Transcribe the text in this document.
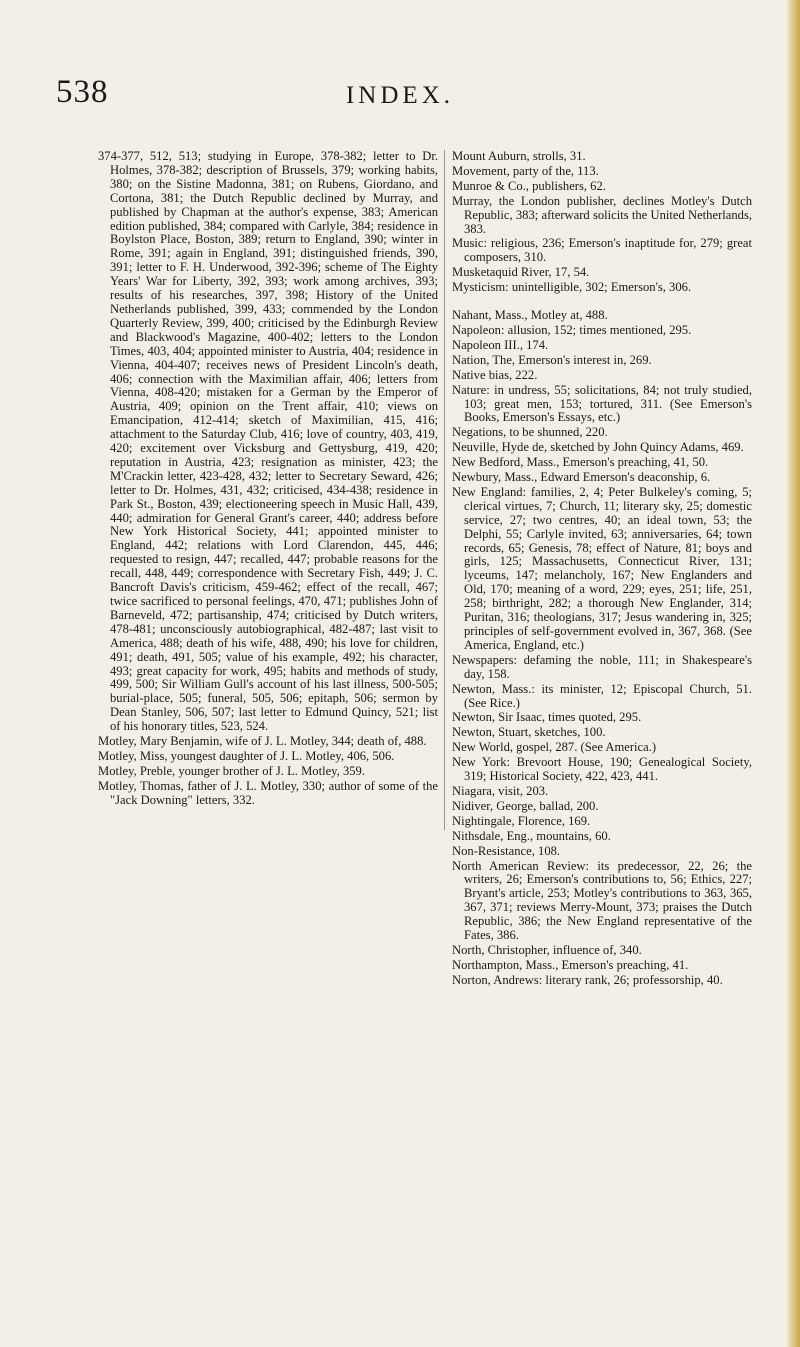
538	INDEX.

374-377, 512, 513; studying in Europe, 378-382; letter to Dr. Holmes, 378-382; description of Brussels, 379; working habits, 380; on the Sistine Madonna, 381; on Rubens, Giordano, and Cortona, 381; the Dutch Republic declined by Murray, and published by Chapman at the author's expense, 383; American edition published, 384; compared with Carlyle, 384; residence in Boylston Place, Boston, 389; return to England, 390; winter in Rome, 391; again in England, 391; distinguished friends, 390, 391; letter to F. H. Underwood, 392-396; scheme of The Eighty Years' War for Liberty, 392, 393; work among archives, 393; results of his researches, 397, 398; History of the United Netherlands published, 399, 433; commended by the London Quarterly Review, 399, 400; criticised by the Edinburgh Review and Blackwood's Magazine, 400-402; letters to the London Times, 403, 404; appointed minister to Austria, 404; residence in Vienna, 404-407; receives news of President Lincoln's death, 406; connection with the Maximilian affair, 406; letters from Vienna, 408-420; mistaken for a German by the Emperor of Austria, 409; opinion on the Trent affair, 410; views on Emancipation, 412-414; sketch of Maximilian, 415, 416; attachment to the Saturday Club, 416; love of country, 403, 419, 420; excitement over Vicksburg and Gettysburg, 419, 420; reputation in Austria, 423; resignation as minister, 423; the M'Crackin letter, 423-428, 432; letter to Secretary Seward, 426; letter to Dr. Holmes, 431, 432; criticised, 434-438; residence in Park St., Boston, 439; electioneering speech in Music Hall, 439, 440; admiration for General Grant's career, 440; address before New York Historical Society, 441; appointed minister to England, 442; relations with Lord Clarendon, 445, 446; requested to resign, 447; recalled, 447; probable reasons for the recall, 448, 449; correspondence with Secretary Fish, 449; J. C. Bancroft Davis's criticism, 459-462; effect of the recall, 467; twice sacrificed to personal feelings, 470, 471; publishes John of Barneveld, 472; partisanship, 474; criticised by Dutch writers, 478-481; unconsciously autobiographical, 482-487; last visit to America, 488; death of his wife, 488, 490; his love for children, 491; death, 491, 505; value of his example, 492; his character, 493; great capacity for work, 495; habits and methods of study, 499, 500; Sir William Gull's account of his last illness, 500-505; burial-place, 505; funeral, 505, 506; epitaph, 506; sermon by Dean Stanley, 506, 507; last letter to Edmund Quincy, 521; list of his honorary titles, 523, 524.

Motley, Mary Benjamin, wife of J. L. Motley, 344; death of, 488.

Motley, Miss, youngest daughter of J. L. Motley, 406, 506.

Motley, Preble, younger brother of J. L. Motley, 359.

Motley, Thomas, father of J. L. Motley, 330; author of some of the "Jack Downing" letters, 332.

Mount Auburn, strolls, 31.

Movement, party of the, 113.

Munroe & Co., publishers, 62.

Murray, the London publisher, declines Motley's Dutch Republic, 383; afterward solicits the United Netherlands, 383.

Music: religious, 236; Emerson's inaptitude for, 279; great composers, 310.

Musketaquid River, 17, 54.

Mysticism: unintelligible, 302; Emerson's, 306.

Nahant, Mass., Motley at, 488.

Napoleon: allusion, 152; times mentioned, 295.

Napoleon III., 174.

Nation, The, Emerson's interest in, 269.

Native bias, 222.

Nature: in undress, 55; solicitations, 84; not truly studied, 103; great men, 153; tortured, 311. (See Emerson's Books, Emerson's Essays, etc.)

Negations, to be shunned, 220.

Neuville, Hyde de, sketched by John Quincy Adams, 469.

New Bedford, Mass., Emerson's preaching, 41, 50.

Newbury, Mass., Edward Emerson's deaconship, 6.

New England: families, 2, 4; Peter Bulkeley's coming, 5; clerical virtues, 7; Church, 11; literary sky, 25; domestic service, 27; two centres, 40; an ideal town, 53; the Delphi, 55; Carlyle invited, 63; anniversaries, 64; town records, 65; Genesis, 78; effect of Nature, 81; boys and girls, 125; Massachusetts, Connecticut River, 131; lyceums, 147; melancholy, 167; New Englanders and Old, 170; meaning of a word, 229; eyes, 251; life, 251, 258; birthright, 282; a thorough New Englander, 314; Puritan, 316; theologians, 317; Jesus wandering in, 325; principles of self-government evolved in, 367, 368. (See America, England, etc.)

Newspapers: defaming the noble, 111; in Shakespeare's day, 158.

Newton, Mass.: its minister, 12; Episcopal Church, 51. (See Rice.)

Newton, Sir Isaac, times quoted, 295.

Newton, Stuart, sketches, 100.

New World, gospel, 287. (See America.)

New York: Brevoort House, 190; Genealogical Society, 319; Historical Society, 422, 423, 441.

Niagara, visit, 203.

Nidiver, George, ballad, 200.

Nightingale, Florence, 169.

Nithsdale, Eng., mountains, 60.

Non-Resistance, 108.

North American Review: its predecessor, 22, 26; the writers, 26; Emerson's contributions to, 56; Ethics, 227; Bryant's article, 253; Motley's contributions to 363, 365, 367, 371; reviews Merry-Mount, 373; praises the Dutch Republic, 386; the New England representative of the Fates, 386.

North, Christopher, influence of, 340.

Northampton, Mass., Emerson's preaching, 41.

Norton, Andrews: literary rank, 26; professorship, 40.
